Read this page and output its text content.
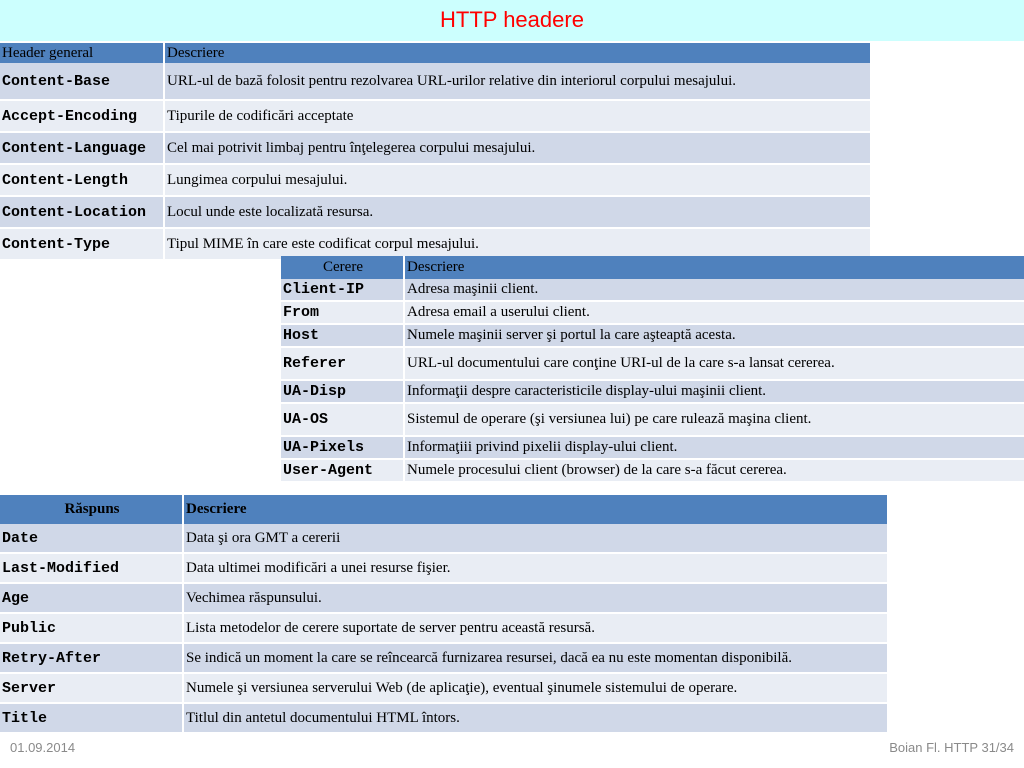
HTTP headere
Header general	Descriere
Content-Base	URL-ul de bază folosit pentru rezolvarea URL-urilor relative din interiorul corpului mesajului.
Accept-Encoding	Tipurile de codificări acceptate
Content-Language	Cel mai potrivit limbaj pentru înţelegerea corpului mesajului.
Content-Length	Lungimea corpului mesajului.
Content-Location	Locul unde este localizată resursa.
Content-Type	Tipul MIME în care este codificat corpul mesajului.
Cerere	Descriere
Client-IP	Adresa maşinii client.
From	Adresa email a userului client.
Host	Numele maşinii server şi portul la care aşteaptă acesta.
Referer	URL-ul documentului care conţine URI-ul de la care s-a lansat cererea.
UA-Disp	Informaţii despre caracteristicile display-ului maşinii client.
UA-OS	Sistemul de operare (şi versiunea lui) pe care rulează maşina client.
UA-Pixels	Informaţiii privind pixelii display-ului client.
User-Agent	Numele procesului client (browser) de la care s-a făcut cererea.
Răspuns	Descriere
Date	Data şi ora GMT a cererii
Last-Modified	Data ultimei modificări a unei resurse fişier.
Age	Vechimea răspunsului.
Public	Lista metodelor de cerere suportate de server pentru această resursă.
Retry-After	Se indică un moment la care se reîncearcă furnizarea resursei, dacă ea nu este momentan disponibilă.
Server	Numele şi versiunea serverului Web (de aplicaţie), eventual şinumele sistemului de operare.
Title	Titlul din antetul documentului HTML întors.
01.09.2014	Boian Fl. HTTP 31/34
